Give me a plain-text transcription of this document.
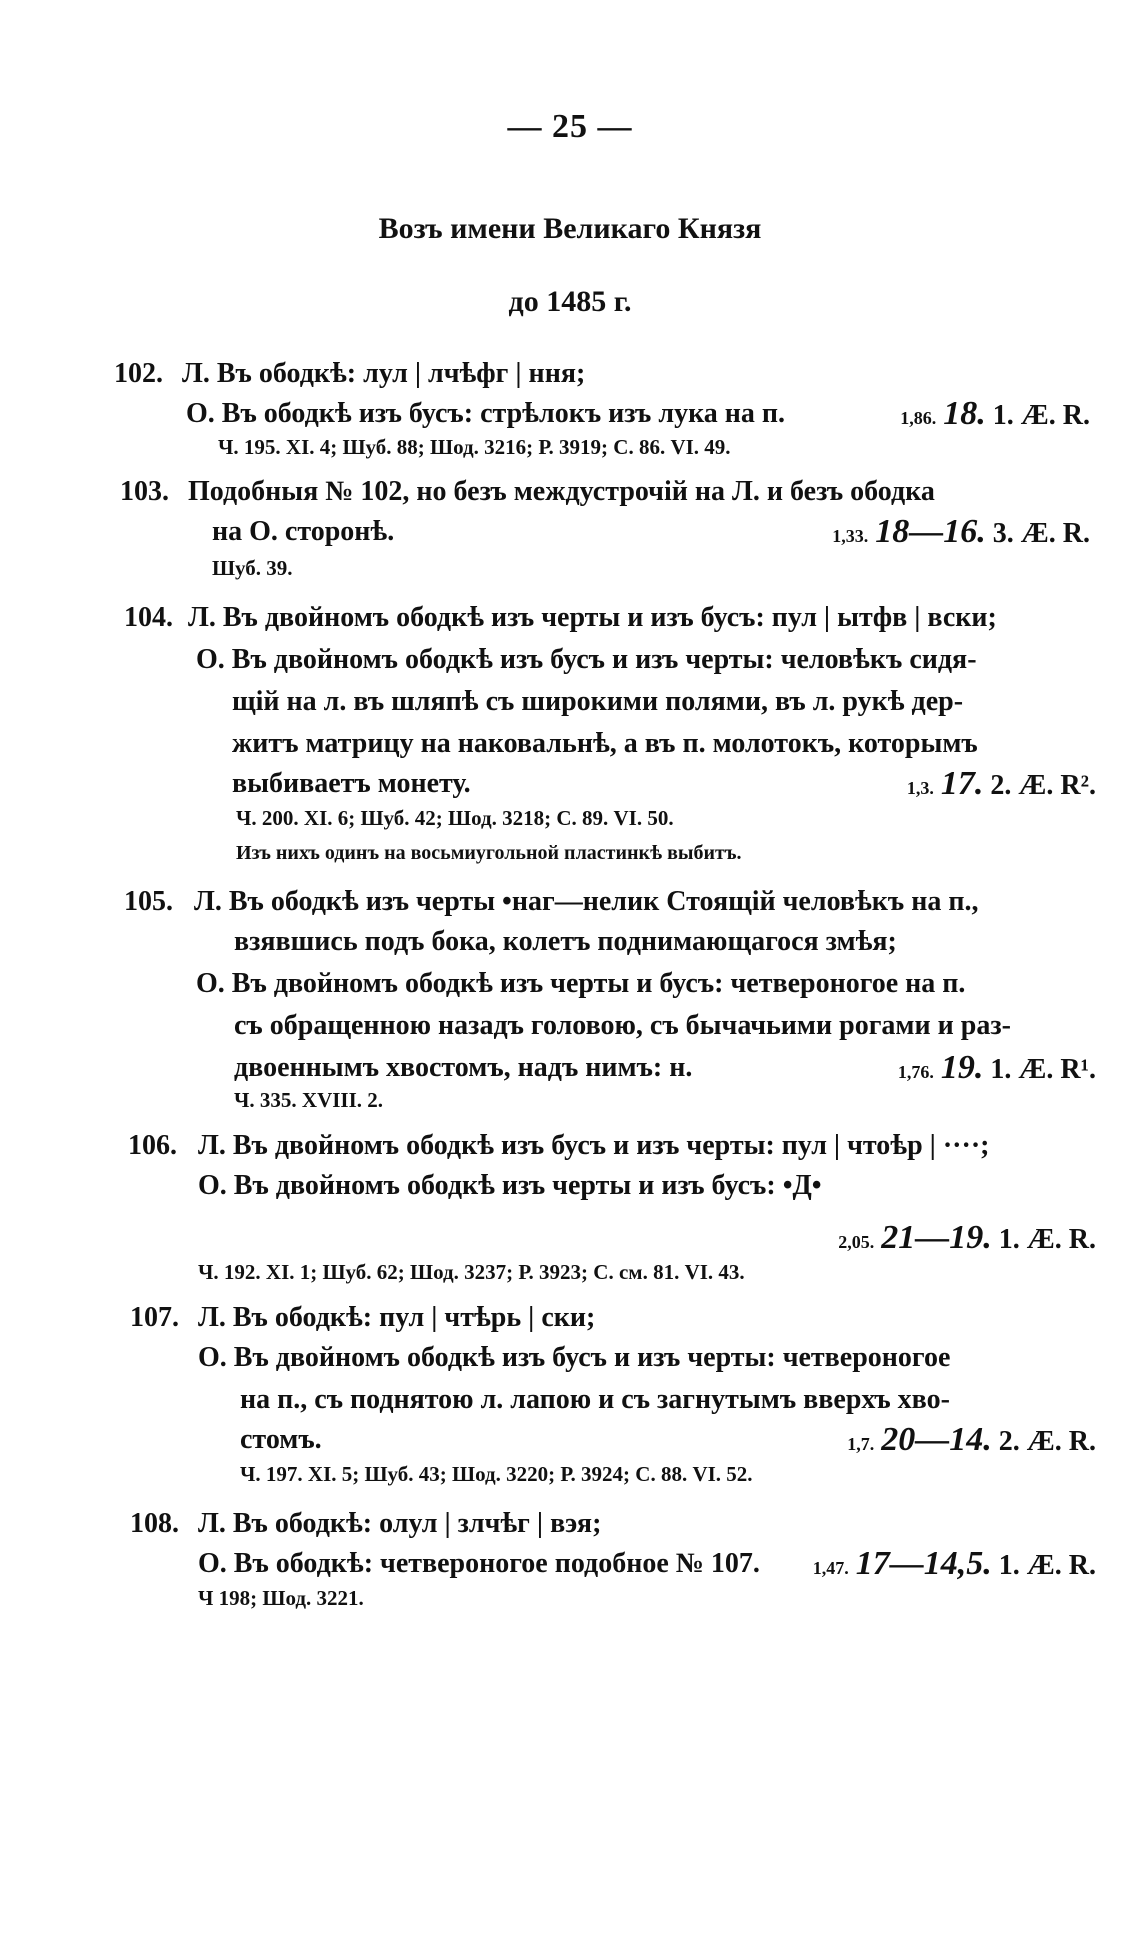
— 25 —
Возъ имени Великаго Князя
до 1485 г.
102. Л. Въ ободкѣ: лул | лчѣфг | ння;
О. Въ ободкѣ изъ бусъ: стрѣлокъ изъ лука на п.	1,86. 18. 1. Æ. R.
Ч. 195. XI. 4; Шуб. 88; Шод. 3216; Р. 3919; С. 86. VI. 49.
103. Подобныя № 102, но безъ междустрочій на Л. и безъ ободка
на О. сторонѣ.	1,33. 18—16. 3. Æ. R.
Шуб. 39.
104. Л. Въ двойномъ ободкѣ изъ черты и изъ бусъ: пул | ытфв | вски;
О. Въ двойномъ ободкѣ изъ бусъ и изъ черты: человѣкъ сидя-
щій на л. въ шляпѣ съ широкими полями, въ л. рукѣ дер-
житъ матрицу на наковальнѣ, а въ п. молотокъ, которымъ
выбиваетъ монету.	1,3. 17. 2. Æ. R².
Ч. 200. XI. 6; Шуб. 42; Шод. 3218; С. 89. VI. 50.
Изъ нихъ одинъ на восьмиугольной пластинкѣ выбитъ.
105. Л. Въ ободкѣ изъ черты •наг—нелик Стоящій человѣкъ на п.,
взявшись подъ бока, колетъ поднимающагося змѣя;
О. Въ двойномъ ободкѣ изъ черты и бусъ: четвероногое на п.
съ обращенною назадъ головою, съ бычачьими рогами и раз-
двоеннымъ хвостомъ, надъ нимъ: н.	1,76. 19. 1. Æ. R¹.
Ч. 335. XVIII. 2.
106. Л. Въ двойномъ ободкѣ изъ бусъ и изъ черты: пул | чтоѣр | ····;
О. Въ двойномъ ободкѣ изъ черты и изъ бусъ: •Д•
2,05. 21—19. 1. Æ. R.
Ч. 192. XI. 1; Шуб. 62; Шод. 3237; Р. 3923; С. см. 81. VI. 43.
107. Л. Въ ободкѣ: пул | чтѣрь | ски;
О. Въ двойномъ ободкѣ изъ бусъ и изъ черты: четвероногое
на п., съ поднятою л. лапою и съ загнутымъ вверхъ хво-
стомъ.	1,7. 20—14. 2. Æ. R.
Ч. 197. XI. 5; Шуб. 43; Шод. 3220; Р. 3924; С. 88. VI. 52.
108. Л. Въ ободкѣ: олул | злчѣг | вэя;
О. Въ ободкѣ: четвероногое подобное № 107.	1,47. 17—14,5. 1. Æ. R.
Ч 198; Шод. 3221.
